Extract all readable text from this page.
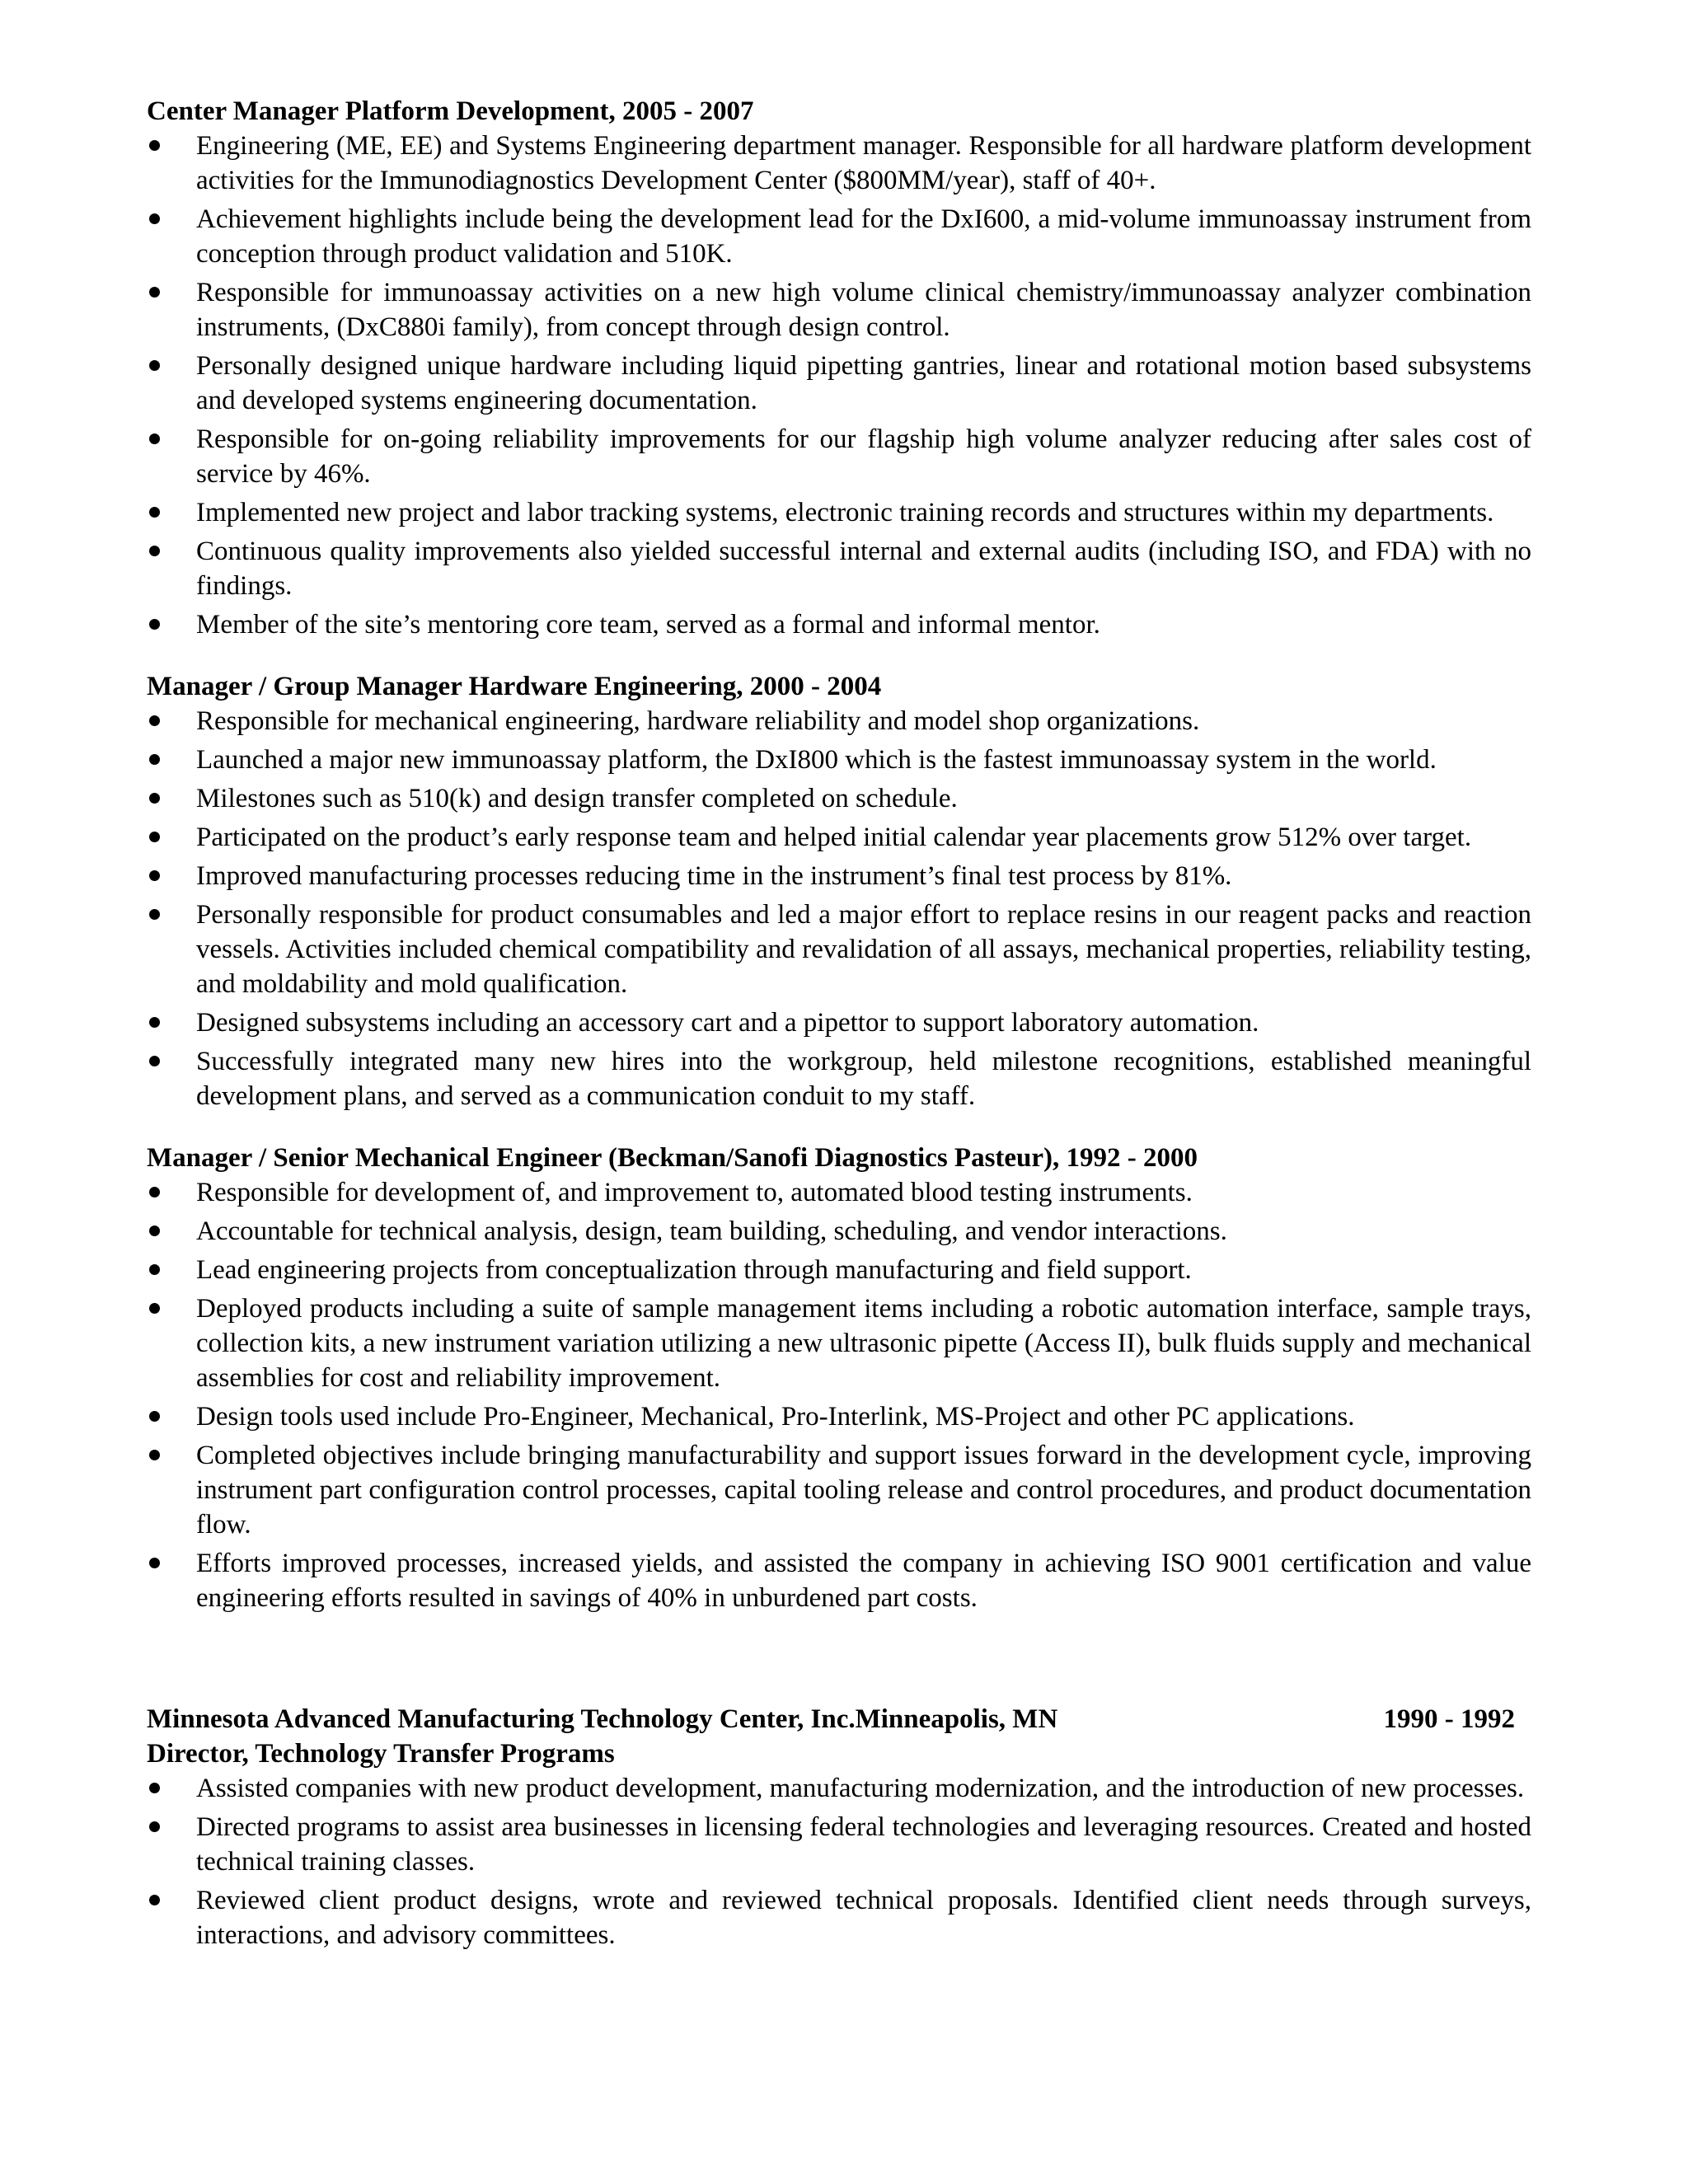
Center Manager Platform Development, 2005 - 2007
Engineering (ME, EE) and Systems Engineering department manager. Responsible for all hardware platform development activities for the Immunodiagnostics Development Center ($800MM/year), staff of 40+.
Achievement highlights include being the development lead for the DxI600, a mid-volume immunoassay instrument from conception through product validation and 510K.
Responsible for immunoassay activities on a new high volume clinical chemistry/immunoassay analyzer combination instruments, (DxC880i family), from concept through design control.
Personally designed unique hardware including liquid pipetting gantries, linear and rotational motion based subsystems and developed systems engineering documentation.
Responsible for on-going reliability improvements for our flagship high volume analyzer reducing after sales cost of service by 46%.
Implemented new project and labor tracking systems, electronic training records and structures within my departments.
Continuous quality improvements also yielded successful internal and external audits (including ISO, and FDA) with no findings.
Member of the site’s mentoring core team, served as a formal and informal mentor.
Manager / Group Manager Hardware Engineering, 2000 - 2004
Responsible for mechanical engineering, hardware reliability and model shop organizations.
Launched a major new immunoassay platform, the DxI800 which is the fastest immunoassay system in the world.
Milestones such as 510(k) and design transfer completed on schedule.
Participated on the product’s early response team and helped initial calendar year placements grow 512% over target.
Improved manufacturing processes reducing time in the instrument’s final test process by 81%.
Personally responsible for product consumables and led a major effort to replace resins in our reagent packs and reaction vessels. Activities included chemical compatibility and revalidation of all assays, mechanical properties, reliability testing, and moldability and mold qualification.
Designed subsystems including an accessory cart and a pipettor to support laboratory automation.
Successfully integrated many new hires into the workgroup, held milestone recognitions, established meaningful development plans, and served as a communication conduit to my staff.
Manager / Senior Mechanical Engineer (Beckman/Sanofi Diagnostics Pasteur), 1992 - 2000
Responsible for development of, and improvement to, automated blood testing instruments.
Accountable for technical analysis, design, team building, scheduling, and vendor interactions.
Lead engineering projects from conceptualization through manufacturing and field support.
Deployed products including a suite of sample management items including a robotic automation interface, sample trays, collection kits, a new instrument variation utilizing a new ultrasonic pipette (Access II), bulk fluids supply and mechanical assemblies for cost and reliability improvement.
Design tools used include Pro-Engineer, Mechanical, Pro-Interlink, MS-Project and other PC applications.
Completed objectives include bringing manufacturability and support issues forward in the development cycle, improving instrument part configuration control processes, capital tooling release and control procedures, and product documentation flow.
Efforts improved processes, increased yields, and assisted the company in achieving ISO 9001 certification and value engineering efforts resulted in savings of 40% in unburdened part costs.
Minnesota Advanced Manufacturing Technology Center, Inc.Minneapolis, MN	1990 - 1992
Director, Technology Transfer Programs
Assisted companies with new product development, manufacturing modernization, and the introduction of new processes.
Directed programs to assist area businesses in licensing federal technologies and leveraging resources. Created and hosted technical training classes.
Reviewed client product designs, wrote and reviewed technical proposals. Identified client needs through surveys, interactions, and advisory committees.
